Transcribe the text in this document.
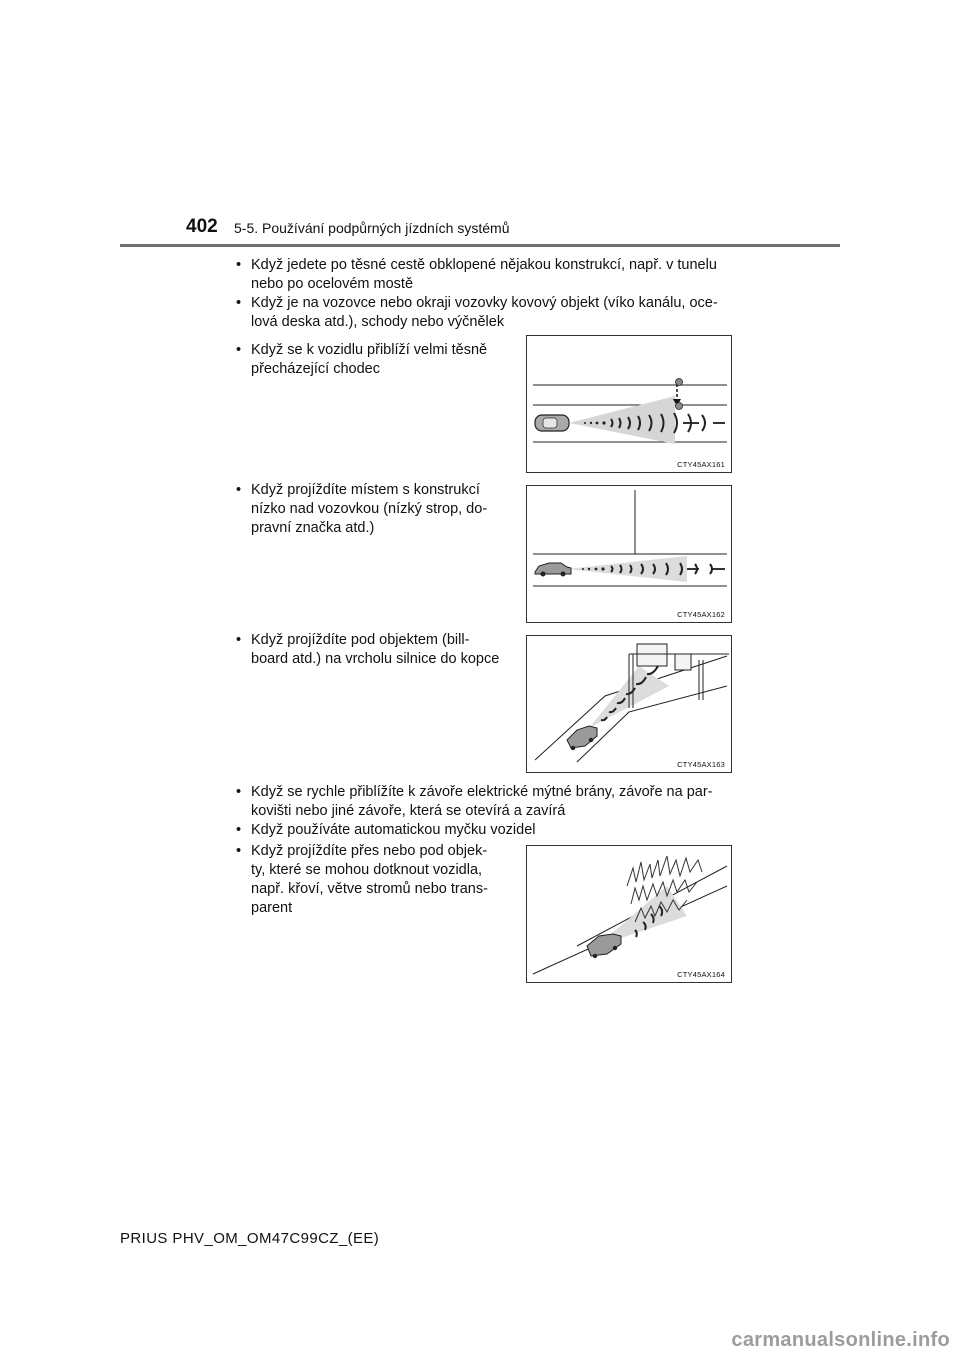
402 5-5. Používání podpůrných jízdních systémů
• Když jedete po těsné cestě obklopené nějakou konstrukcí, např. v tunelu
nebo po ocelovém mostě
• Když je na vozovce nebo okraji vozovky kovový objekt (víko kanálu, oce-
lová deska atd.), schody nebo výčnělek
• Když se k vozidlu přiblíží velmi těsně
přecházející chodec
CTY45AX161
• Když projíždíte místem s konstrukcí
nízko nad vozovkou (nízký strop, do-
pravní značka atd.)
CTY45AX162
• Když projíždíte pod objektem (bill-
board atd.) na vrcholu silnice do kopce
CTY45AX163
• Když se rychle přiblížíte k závoře elektrické mýtné brány, závoře na par-
kovišti nebo jiné závoře, která se otevírá a zavírá
• Když používáte automatickou myčku vozidel
• Když projíždíte přes nebo pod objek-
ty, které se mohou dotknout vozidla,
např. křoví, větve stromů nebo trans-
parent
CTY45AX164
PRIUS PHV_OM_OM47C99CZ_(EE)
carmanualsonline.info
